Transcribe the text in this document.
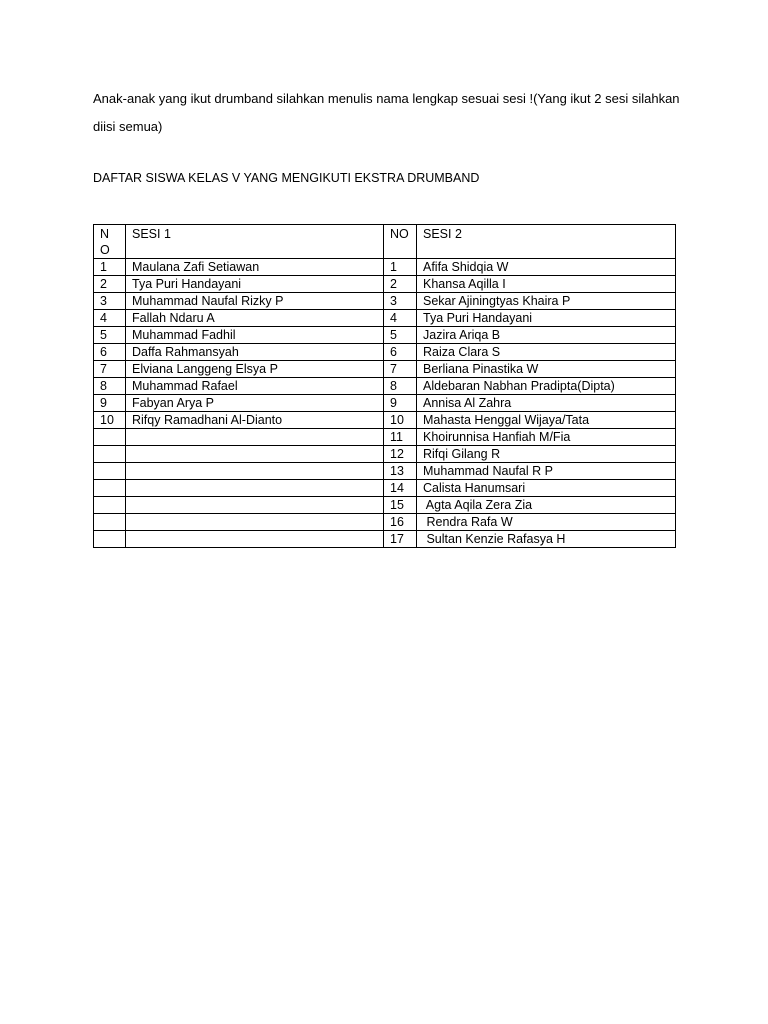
Anak-anak yang ikut drumband silahkan menulis nama lengkap sesuai sesi !(Yang ikut 2 sesi silahkan
diisi semua)
DAFTAR SISWA KELAS V YANG MENGIKUTI EKSTRA DRUMBAND
NO	SESI 1	NO	SESI 2
1	Maulana Zafi Setiawan	1	Afifa Shidqia W
2	Tya Puri Handayani	2	Khansa Aqilla I
3	Muhammad Naufal Rizky P	3	Sekar Ajiningtyas Khaira P
4	Fallah Ndaru A	4	Tya Puri Handayani
5	Muhammad Fadhil	5	Jazira Ariqa B
6	Daffa Rahmansyah	6	Raiza Clara S
7	Elviana Langgeng Elsya P	7	Berliana Pinastika W
8	Muhammad Rafael	8	Aldebaran Nabhan Pradipta(Dipta)
9	Fabyan Arya P	9	Annisa Al Zahra
10	Rifqy Ramadhani Al-Dianto	10	Mahasta Henggal Wijaya/Tata
		11	Khoirunnisa Hanfiah M/Fia
		12	Rifqi Gilang R
		13	Muhammad Naufal R P
		14	Calista Hanumsari
		15	Agta Aqila Zera Zia
		16	Rendra Rafa W
		17	Sultan Kenzie Rafasya H
